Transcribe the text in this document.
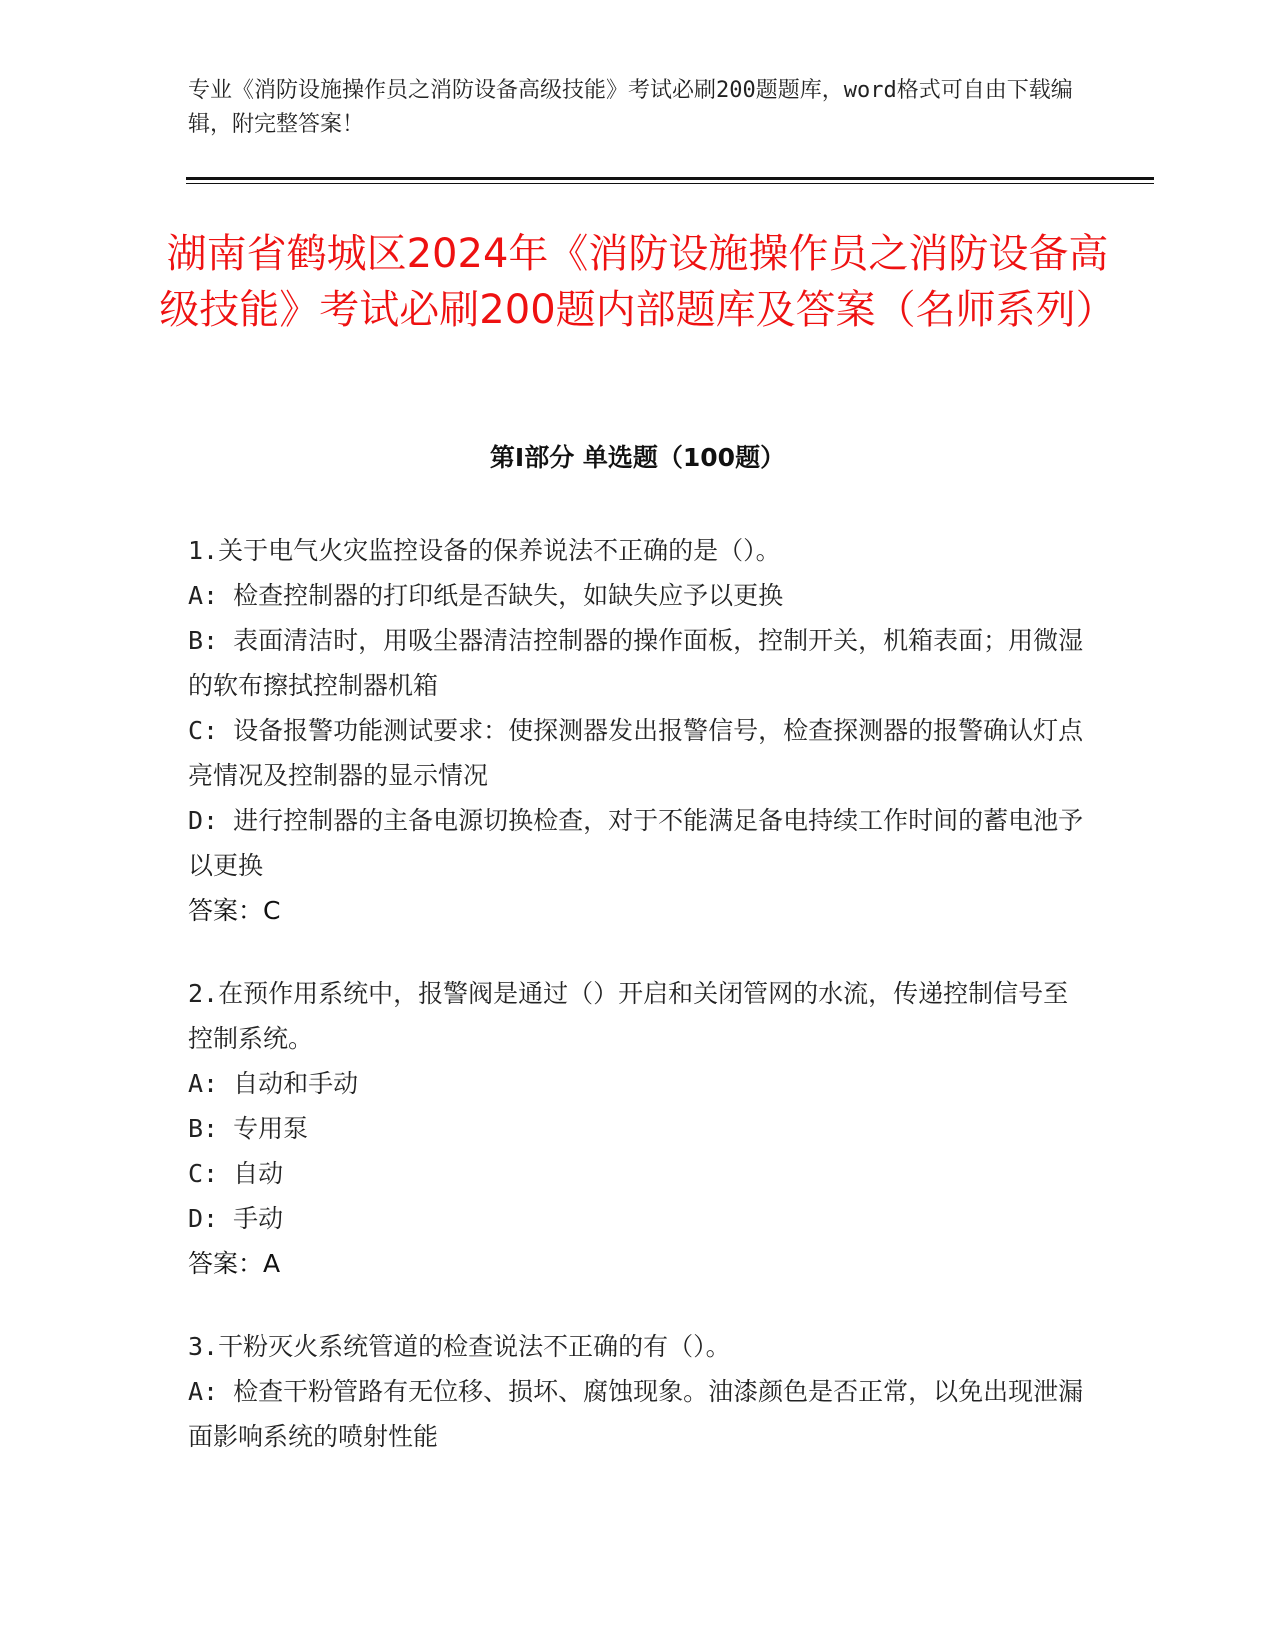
专业《消防设施操作员之消防设备高级技能》考试必刷200题题库，word格式可自由下载编辑，附完整答案！
湖南省鹤城区2024年《消防设施操作员之消防设备高级技能》考试必刷200题内部题库及答案（名师系列）
第I部分 单选题（100题）

1.关于电气火灾监控设备的保养说法不正确的是（）。

A: 检查控制器的打印纸是否缺失，如缺失应予以更换

B: 表面清洁时，用吸尘器清洁控制器的操作面板，控制开关，机箱表面；用微湿的软布擦拭控制器机箱

C: 设备报警功能测试要求：使探测器发出报警信号，检查探测器的报警确认灯点亮情况及控制器的显示情况

D: 进行控制器的主备电源切换检查，对于不能满足备电持续工作时间的蓄电池予以更换

答案：C

2.在预作用系统中，报警阀是通过（）开启和关闭管网的水流，传递控制信号至控制系统。

A: 自动和手动

B: 专用泵

C: 自动

D: 手动

答案：A

3.干粉灭火系统管道的检查说法不正确的有（）。

A: 检查干粉管路有无位移、损坏、腐蚀现象。油漆颜色是否正常，以免出现泄漏面影响系统的喷射性能
